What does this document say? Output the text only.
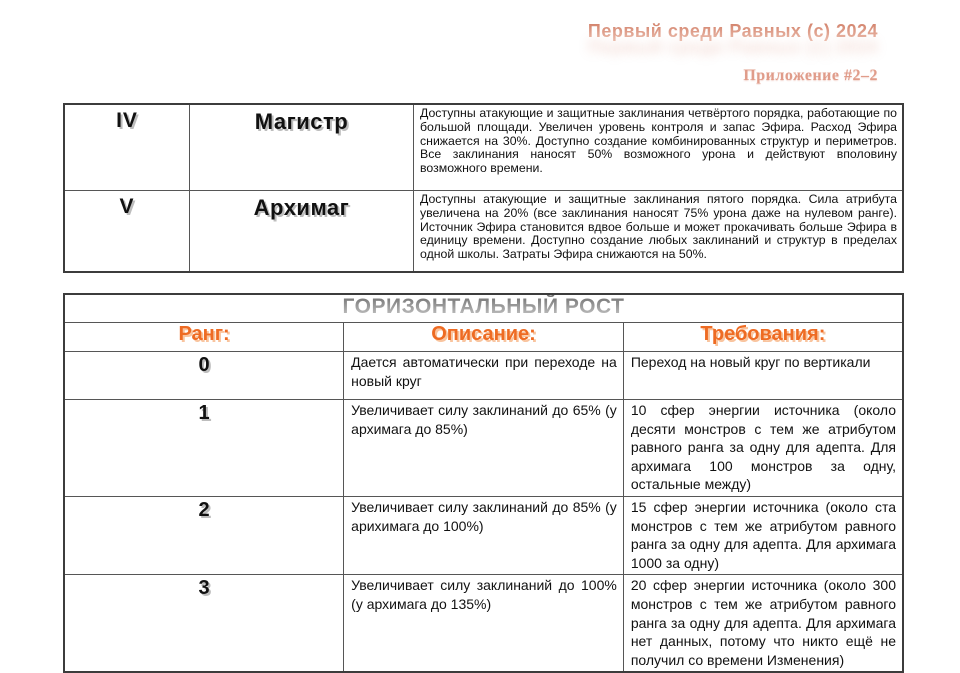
Первый среди Равных (с) 2024
Приложение #2–2
IV	Магистр	Доступны атакующие и защитные заклинания четвёртого порядка, работающие по большой площади. Увеличен уровень контроля и запас Эфира. Расход Эфира снижается на 30%. Доступно создание комбинированных структур и периметров. Все заклинания наносят 50% возможного урона и действуют вполовину возможного времени.
V	Архимаг	Доступны атакующие и защитные заклинания пятого порядка. Сила атрибута увеличена на 20% (все заклинания наносят 75% урона даже на нулевом ранге). Источник Эфира становится вдвое больше и может прокачивать больше Эфира в единицу времени. Доступно создание любых заклинаний и структур в пределах одной школы. Затраты Эфира снижаются на 50%.
ГОРИЗОНТАЛЬНЫЙ РОСТ		
Ранг:	Описание:	Требования:
0	Дается автоматически при переходе на новый круг	Переход на новый круг по вертикали
1	Увеличивает силу заклинаний до 65% (у архимага до 85%)	10 сфер энергии источника (около десяти монстров с тем же атрибутом равного ранга за одну для адепта. Для архимага 100 монстров за одну, остальные между)
2	Увеличивает силу заклинаний до 85% (у арихимага до 100%)	15 сфер энергии источника (около ста монстров с тем же атрибутом равного ранга за одну для адепта. Для архимага 1000 за одну)
3	Увеличивает силу заклинаний до 100% (у архимага до 135%)	20 сфер энергии источника (около 300 монстров с тем же атрибутом равного ранга за одну для адепта. Для архимага нет данных, потому что никто ещё не получил со времени Изменения)
